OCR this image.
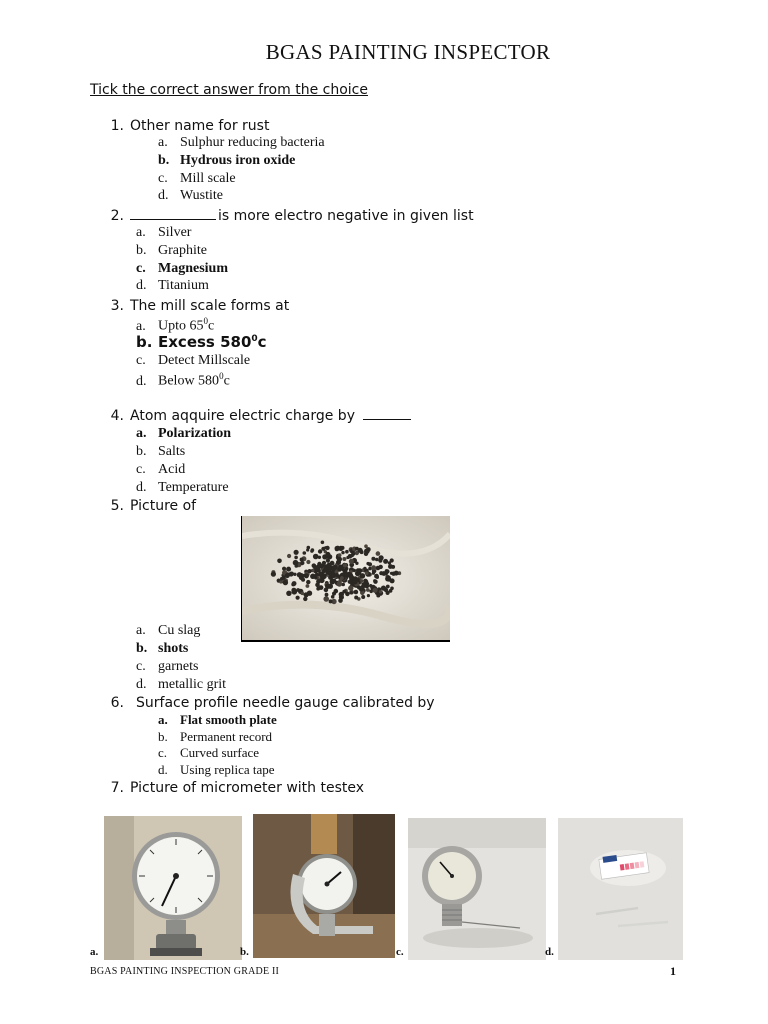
BGAS PAINTING INSPECTOR
Tick the correct answer from the choice
1. Other name for rust
a. Sulphur reducing bacteria
b. Hydrous iron oxide
c. Mill scale
d. Wustite
2.	is more electro negative in given list
a. Silver
b. Graphite
c. Magnesium
d. Titanium
3. The mill scale forms at
a. Upto $65^0c$
b. Excess $580^0c$
c. Detect Millscale
d. Below $580^0c$
4. Atom aqquire electric charge by
a. Polarization
b. Salts
c. Acid
d. Temperature
5. Picture of
a. Cu slag
b. shots
c. garnets
d. metallic grit
6. Surface profile needle gauge calibrated by
a. Flat smooth plate
b. Permanent record
c. Curved surface
d. Using replica tape
7. Picture of micrometer with testex
a.	b.	c.	d.
BGAS PAINTING INSPECTION GRADE II	1
